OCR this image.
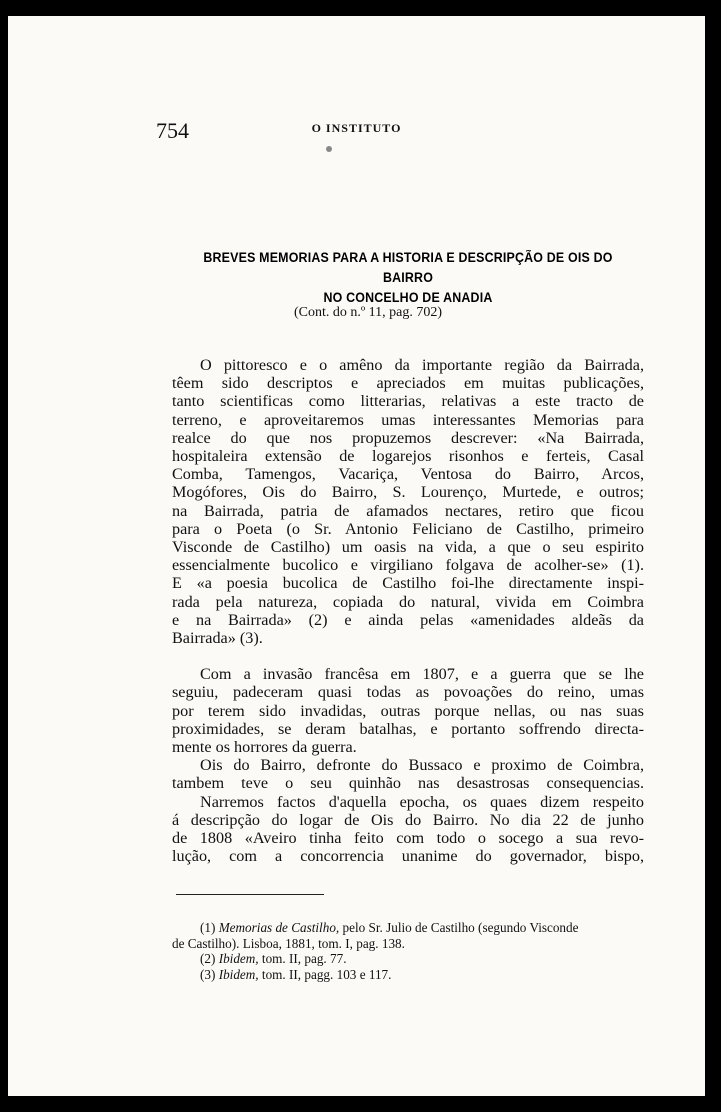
754	O INSTITUTO
BREVES MEMORIAS PARA A HISTORIA E DESCRIPÇÃO DE OIS DO BAIRRO
NO CONCELHO DE ANADIA
(Cont. do n.º 11, pag. 702)
O pittoresco e o amêno da importante região da Bairrada,
têem sido descriptos e apreciados em muitas publicações,
tanto scientificas como litterarias, relativas a este tracto de
terreno, e aproveitaremos umas interessantes Memorias para
realce do que nos propuzemos descrever: «Na Bairrada,
hospitaleira extensão de logarejos risonhos e ferteis, Casal
Comba, Tamengos, Vacariça, Ventosa do Bairro, Arcos,
Mogófores, Ois do Bairro, S. Lourenço, Murtede, e outros;
na Bairrada, patria de afamados nectares, retiro que ficou
para o Poeta (o Sr. Antonio Feliciano de Castilho, primeiro
Visconde de Castilho) um oasis na vida, a que o seu espirito
essencialmente bucolico e virgiliano folgava de acolher-se» (1).
E «a poesia bucolica de Castilho foi-lhe directamente inspi-
rada pela natureza, copiada do natural, vivida em Coimbra
e na Bairrada» (2) e ainda pelas «amenidades aldeãs da
Bairrada» (3).
Com a invasão francêsa em 1807, e a guerra que se lhe
seguiu, padeceram quasi todas as povoações do reino, umas
por terem sido invadidas, outras porque nellas, ou nas suas
proximidades, se deram batalhas, e portanto soffrendo directa-
mente os horrores da guerra.
Ois do Bairro, defronte do Bussaco e proximo de Coimbra,
tambem teve o seu quinhão nas desastrosas consequencias.
Narremos factos d'aquella epocha, os quaes dizem respeito
á descripção do logar de Ois do Bairro. No dia 22 de junho
de 1808 «Aveiro tinha feito com todo o socego a sua revo-
lução, com a concorrencia unanime do governador, bispo,
(1) Memorias de Castilho, pelo Sr. Julio de Castilho (segundo Visconde
de Castilho). Lisboa, 1881, tom. I, pag. 138.
(2) Ibidem, tom. II, pag. 77.
(3) Ibidem, tom. II, pagg. 103 e 117.
